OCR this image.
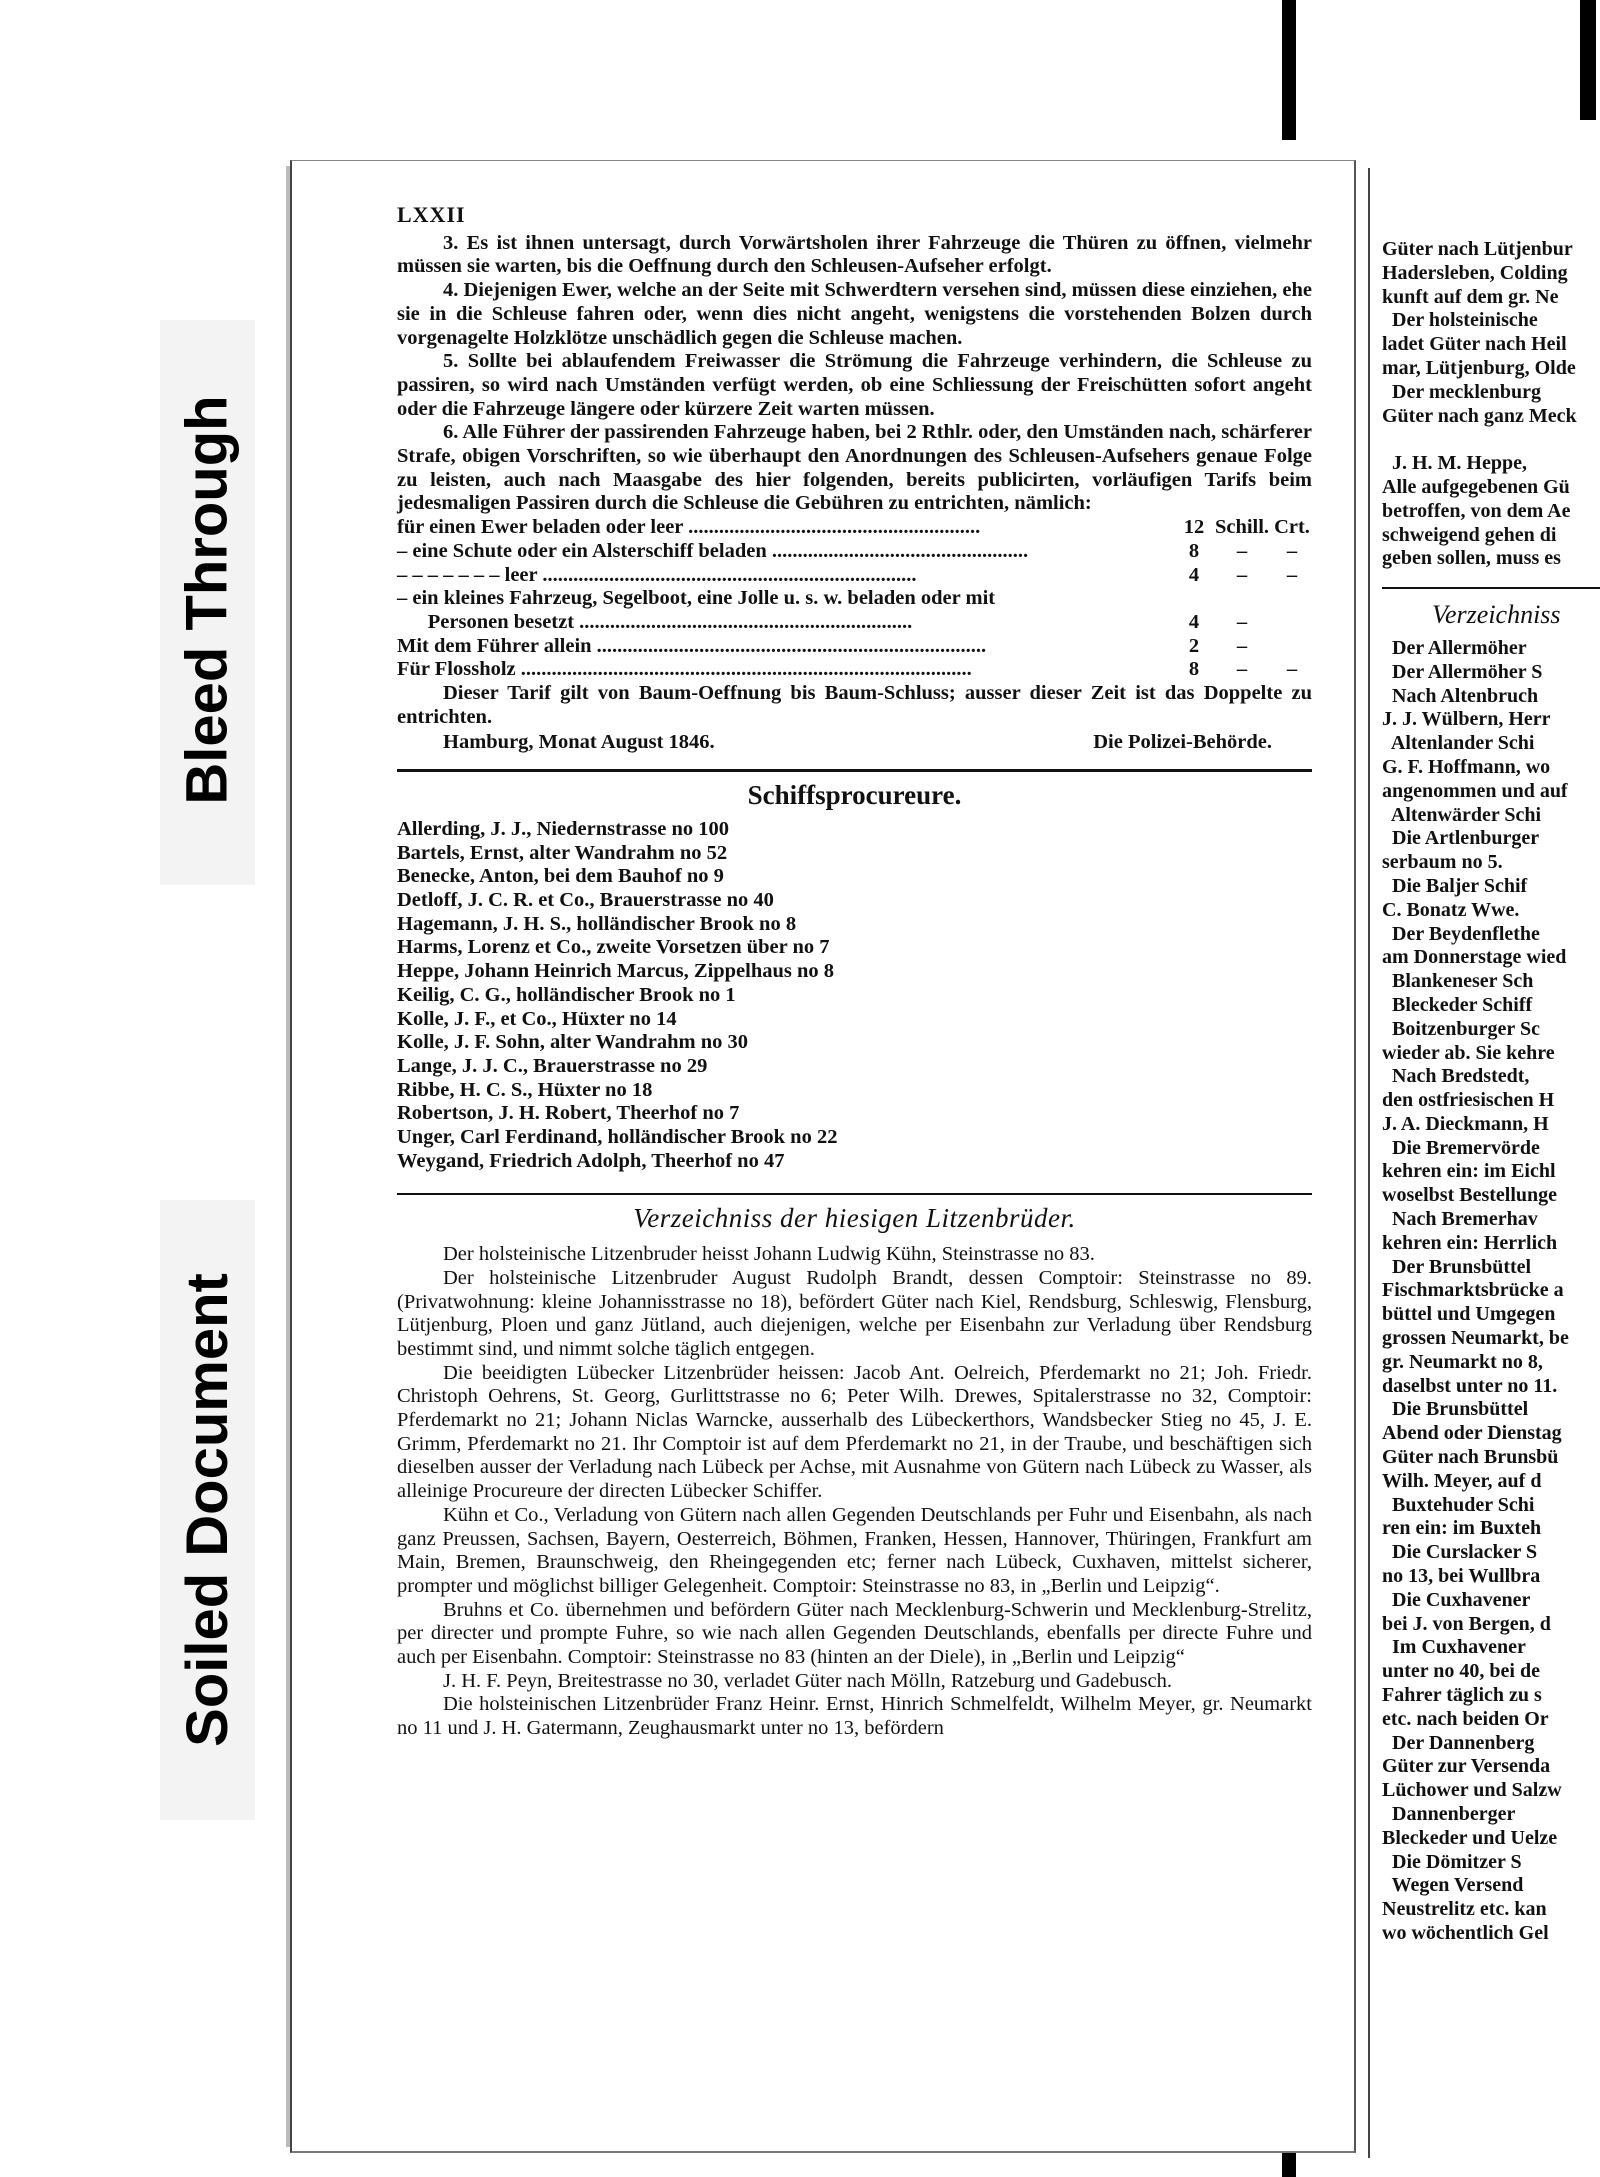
Bleed Through
Soiled Document
LXXII

3. Es ist ihnen untersagt, durch Vorwärtsholen ihrer Fahrzeuge die Thüren zu öffnen, vielmehr müssen sie warten, bis die Oeffnung durch den Schleusen-Aufseher erfolgt.

4. Diejenigen Ewer, welche an der Seite mit Schwerdtern versehen sind, müssen diese einziehen, ehe sie in die Schleuse fahren oder, wenn dies nicht angeht, wenigstens die vorstehenden Bolzen durch vorgenagelte Holzklötze unschädlich gegen die Schleuse machen.

5. Sollte bei ablaufendem Freiwasser die Strömung die Fahrzeuge verhindern, die Schleuse zu passiren, so wird nach Umständen verfügt werden, ob eine Schliessung der Freischütten sofort angeht oder die Fahrzeuge längere oder kürzere Zeit warten müssen.

6. Alle Führer der passirenden Fahrzeuge haben, bei 2 Rthlr. oder, den Umständen nach, schärferer Strafe, obigen Vorschriften, so wie überhaupt den Anordnungen des Schleusen-Aufsehers genaue Folge zu leisten, auch nach Maasgabe des hier folgenden, bereits publicirten, vorläufigen Tarifs beim jedesmaligen Passiren durch die Schleuse die Gebühren zu entrichten, nämlich:

für einen Ewer beladen oder leer .........................................................	12 Schill. Crt.
– eine Schute oder ein Alsterschiff beladen ..................................................	8	–	–
– – – – – – – leer .........................................................................	4	–	–
– ein kleines Fahrzeug, Segelboot, eine Jolle u. s. w. beladen oder mit
Personen besetzt .................................................................	4	–
Mit dem Führer allein ............................................................................	2	–
Für Flossholz ........................................................................................	8	–	–

Dieser Tarif gilt von Baum-Oeffnung bis Baum-Schluss; ausser dieser Zeit ist das Doppelte zu entrichten.

Hamburg, Monat August 1846.	Die Polizei-Behörde.
Schiffsprocureure.

Allerding, J. J., Niedernstrasse no 100

Bartels, Ernst, alter Wandrahm no 52

Benecke, Anton, bei dem Bauhof no 9

Detloff, J. C. R. et Co., Brauerstrasse no 40

Hagemann, J. H. S., holländischer Brook no 8

Harms, Lorenz et Co., zweite Vorsetzen über no 7

Heppe, Johann Heinrich Marcus, Zippelhaus no 8

Keilig, C. G., holländischer Brook no 1

Kolle, J. F., et Co., Hüxter no 14

Kolle, J. F. Sohn, alter Wandrahm no 30

Lange, J. J. C., Brauerstrasse no 29

Ribbe, H. C. S., Hüxter no 18

Robertson, J. H. Robert, Theerhof no 7

Unger, Carl Ferdinand, holländischer Brook no 22

Weygand, Friedrich Adolph, Theerhof no 47

Verzeichniss der hiesigen Litzenbrüder.

Der holsteinische Litzenbruder heisst Johann Ludwig Kühn, Steinstrasse no 83.

Der holsteinische Litzenbruder August Rudolph Brandt, dessen Comptoir: Steinstrasse no 89. (Privatwohnung: kleine Johannisstrasse no 18), befördert Güter nach Kiel, Rendsburg, Schleswig, Flensburg, Lütjenburg, Ploen und ganz Jütland, auch diejenigen, welche per Eisenbahn zur Verladung über Rendsburg bestimmt sind, und nimmt solche täglich entgegen.

Die beeidigten Lübecker Litzenbrüder heissen: Jacob Ant. Oelreich, Pferdemarkt no 21; Joh. Friedr. Christoph Oehrens, St. Georg, Gurlittstrasse no 6; Peter Wilh. Drewes, Spitalerstrasse no 32, Comptoir: Pferdemarkt no 21; Johann Niclas Warncke, ausserhalb des Lübeckerthors, Wandsbecker Stieg no 45, J. E. Grimm, Pferdemarkt no 21. Ihr Comptoir ist auf dem Pferdemarkt no 21, in der Traube, und beschäftigen sich dieselben ausser der Verladung nach Lübeck per Achse, mit Ausnahme von Gütern nach Lübeck zu Wasser, als alleinige Procureure der directen Lübecker Schiffer.

Kühn et Co., Verladung von Gütern nach allen Gegenden Deutschlands per Fuhr und Eisenbahn, als nach ganz Preussen, Sachsen, Bayern, Oesterreich, Böhmen, Franken, Hessen, Hannover, Thüringen, Frankfurt am Main, Bremen, Braunschweig, den Rheingegenden etc; ferner nach Lübeck, Cuxhaven, mittelst sicherer, prompter und möglichst billiger Gelegenheit. Comptoir: Steinstrasse no 83, in „Berlin und Leipzig“.

Bruhns et Co. übernehmen und befördern Güter nach Mecklenburg-Schwerin und Mecklenburg-Strelitz, per directer und prompte Fuhre, so wie nach allen Gegenden Deutschlands, ebenfalls per directe Fuhre und auch per Eisenbahn. Comptoir: Steinstrasse no 83 (hinten an der Diele), in „Berlin und Leipzig“

J. H. F. Peyn, Breitestrasse no 30, verladet Güter nach Mölln, Ratzeburg und Gadebusch.

Die holsteinischen Litzenbrüder Franz Heinr. Ernst, Hinrich Schmelfeldt, Wilhelm Meyer, gr. Neumarkt no 11 und J. H. Gatermann, Zeughausmarkt unter no 13, befördern

Güter nach Lütjenbur

Hadersleben, Colding

kunft auf dem gr. Ne

Der holsteinische

ladet Güter nach Heil

mar, Lütjenburg, Olde

Der mecklenburg

Güter nach ganz Meck

J. H. M. Heppe,

Alle aufgegebenen Gü

betroffen, von dem Ae

schweigend gehen di

geben sollen, muss es

Verzeichniss

Der Allermöher

Der Allermöher S

Nach Altenbruch

J. J. Wülbern, Herr

Altenlander Schi

G. F. Hoffmann, wo

angenommen und auf

Altenwärder Schi

Die Artlenburger

serbaum no 5.

Die Baljer Schif

C. Bonatz Wwe.

Der Beydenflethe

am Donnerstage wied

Blankeneser Sch

Bleckeder Schiff

Boitzenburger Sc

wieder ab. Sie kehre

Nach Bredstedt,

den ostfriesischen H

J. A. Dieckmann, H

Die Bremervörde

kehren ein: im Eichl

woselbst Bestellunge

Nach Bremerhav

kehren ein: Herrlich

Der Brunsbüttel

Fischmarktsbrücke a

büttel und Umgegen

grossen Neumarkt, be

gr. Neumarkt no 8,

daselbst unter no 11.

Die Brunsbüttel

Abend oder Dienstag

Güter nach Brunsbü

Wilh. Meyer, auf d

Buxtehuder Schi

ren ein: im Buxteh

Die Curslacker S

no 13, bei Wullbra

Die Cuxhavener

bei J. von Bergen, d

Im Cuxhavener

unter no 40, bei de

Fahrer täglich zu s

etc. nach beiden Or

Der Dannenberg

Güter zur Versenda

Lüchower und Salzw

Dannenberger

Bleckeder und Uelze

Die Dömitzer S

Wegen Versend

Neustrelitz etc. kan

wo wöchentlich Gel
